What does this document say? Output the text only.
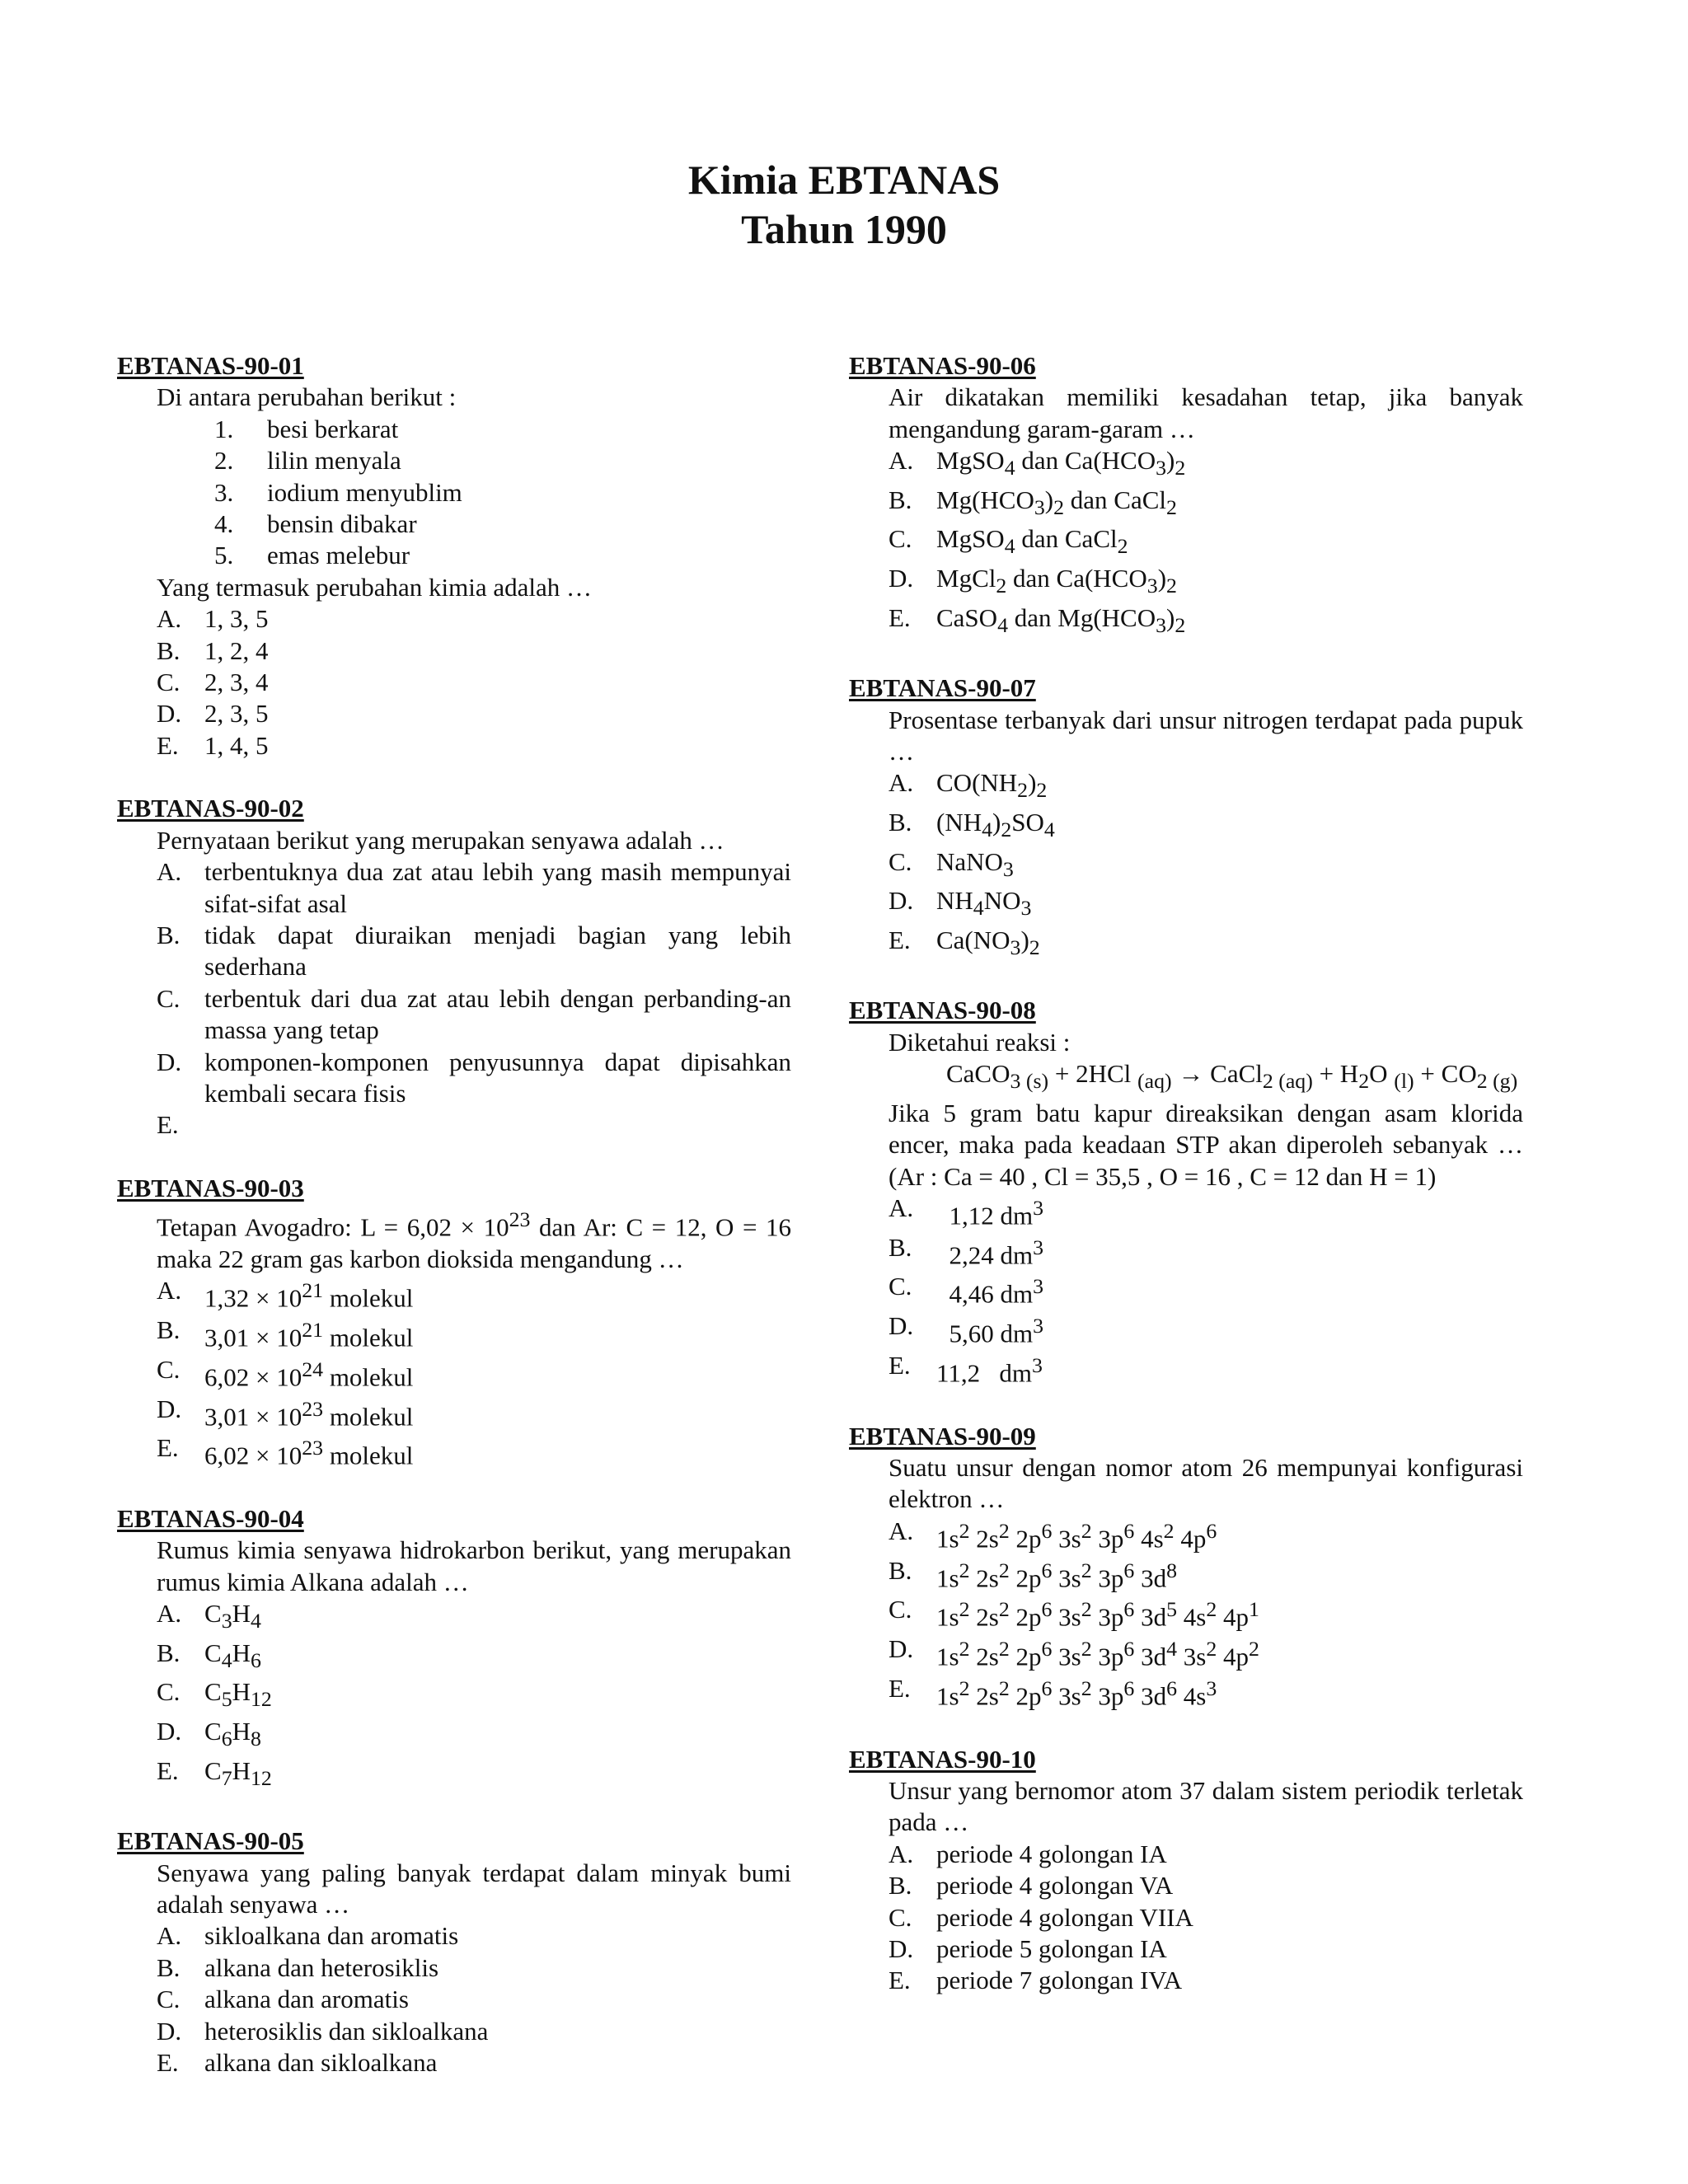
Kimia EBTANAS
Tahun 1990
EBTANAS-90-01
Di antara perubahan berikut :
1.	besi berkarat
2.	lilin menyala
3.	iodium menyublim
4.	bensin dibakar
5.	emas melebur
Yang termasuk perubahan kimia adalah …
A. 1, 3, 5
B. 1, 2, 4
C. 2, 3, 4
D. 2, 3, 5
E.	1, 4, 5
EBTANAS-90-02
Pernyataan berikut yang merupakan senyawa adalah …
A. terbentuknya dua zat atau lebih yang masih mempunyai sifat-sifat asal
B. tidak dapat diuraikan menjadi bagian yang lebih sederhana
C. terbentuk dari dua zat atau lebih dengan perbanding-an massa yang tetap
D. komponen-komponen penyusunnya dapat dipisahkan kembali secara fisis
E.
EBTANAS-90-03
Tetapan Avogadro: $L = 6,02 \times 10^{23}$ dan Ar: C = 12, O = 16 maka 22 gram gas karbon dioksida mengandung …
A. $1,32 \times 10^{21}$ molekul
B. $3,01 \times 10^{21}$ molekul
C. $6,02 \times 10^{24}$ molekul
D. $3,01 \times 10^{23}$ molekul
E.	$6,02 \times 10^{23}$ molekul
EBTANAS-90-04
Rumus kimia senyawa hidrokarbon berikut, yang merupakan rumus kimia Alkana adalah …
A. $C_3H_4$
B. $C_4H_6$
C. $C_5H_{12}$
D. $C_6H_8$
E.	$C_7H_{12}$
EBTANAS-90-05
Senyawa yang paling banyak terdapat dalam minyak bumi adalah senyawa …
A. sikloalkana dan aromatis
B. alkana dan heterosiklis
C. alkana dan aromatis
D. heterosiklis dan sikloalkana
E.	alkana dan sikloalkana
EBTANAS-90-06
Air dikatakan memiliki kesadahan tetap, jika banyak mengandung garam-garam …
A. MgSO$_4$ dan $Ca(HCO_3)_2$
B. $Mg(HCO_3)_2$ dan CaCl$_2$
C. MgSO$_4$ dan CaCl$_2$
D. MgCl$_2$ dan $Ca(HCO_3)_2$
E.	CaSO$_4$ dan $Mg(HCO_3)_2$
EBTANAS-90-07
Prosentase terbanyak dari unsur nitrogen terdapat pada pupuk …
A. $CO(NH_2)_2$
B. $(NH_4)_2SO_4$
C. NaNO$_3$
D. $NH_4NO_3$
E.	$Ca(NO_3)_2$
EBTANAS-90-08
Diketahui reaksi :
CaCO$_{3 (s)}$ + 2HCl $_{(aq)}$ → CaCl$_{2 (aq)}$ + $H_2O$ $_{(l)} + CO_{2 (g)}$
Jika 5 gram batu kapur direaksikan dengan asam klorida encer, maka pada keadaan STP akan diperoleh sebanyak … (Ar : Ca = 40 , Cl = 35,5 , O = 16 , C = 12 dan H = 1)
A. 1,12 $dm^3$
B. 2,24 $dm^3$
C. 4,46 $dm^3$
D. 5,60 $dm^3$
E.	11,2   $dm^3$
EBTANAS-90-09
Suatu unsur dengan nomor atom 26 mempunyai konfigurasi elektron …
A. $1s^2$ $2s^2$ $2p^6$ $3s^2$ $3p^6$ $4s^2$ $4p^6$
B. $1s^2$ $2s^2$ $2p^6$ $3s^2$ $3p^6$ $3d^8$
C. $1s^2$ $2s^2$ $2p^6$ $3s^2$ $3p^6$ $3d^5$ $4s^2$ $4p^1$
D. $1s^2$ $2s^2$ $2p^6$ $3s^2$ $3p^6$ $3d^4$ $3s^2$ $4p^2$
E.	$1s^2$ $2s^2$ $2p^6$ $3s^2$ $3p^6$ $3d^6$ $4s^3$
EBTANAS-90-10
Unsur yang bernomor atom 37 dalam sistem periodik terletak pada …
A. periode 4 golongan IA
B. periode 4 golongan VA
C. periode 4 golongan VIIA
D. periode 5 golongan IA
E.	periode 7 golongan IVA
